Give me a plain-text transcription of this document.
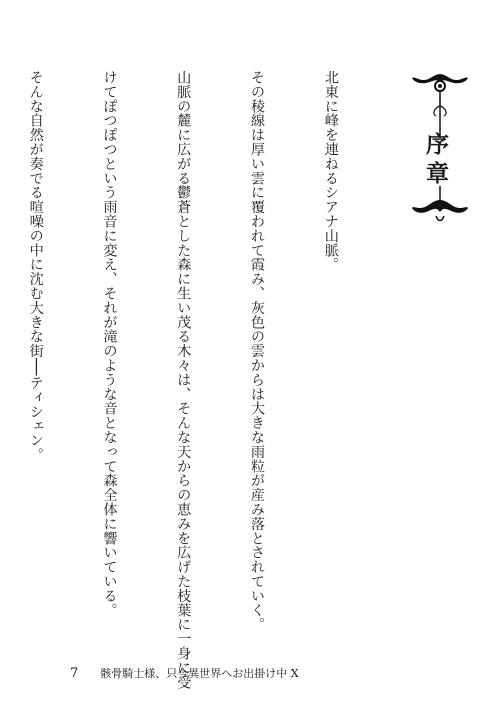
序章

北東に峰を連ねるシアナ山脈。

その稜線は厚い雲に覆われて霞み、灰色の雲からは大きな雨粒が産み落とされていく。

山脈の麓に広がる鬱蒼とした森に生い茂る木々は、そんな天からの恵みを広げた枝葉に一身に受

けてぽつぽつという雨音に変え、それが滝のような音となって森全体に響いている。

そんな自然が奏でる喧噪の中に沈む大きな街──ティシェン。

7 骸骨騎士様、只今異世界へお出掛け中 X
